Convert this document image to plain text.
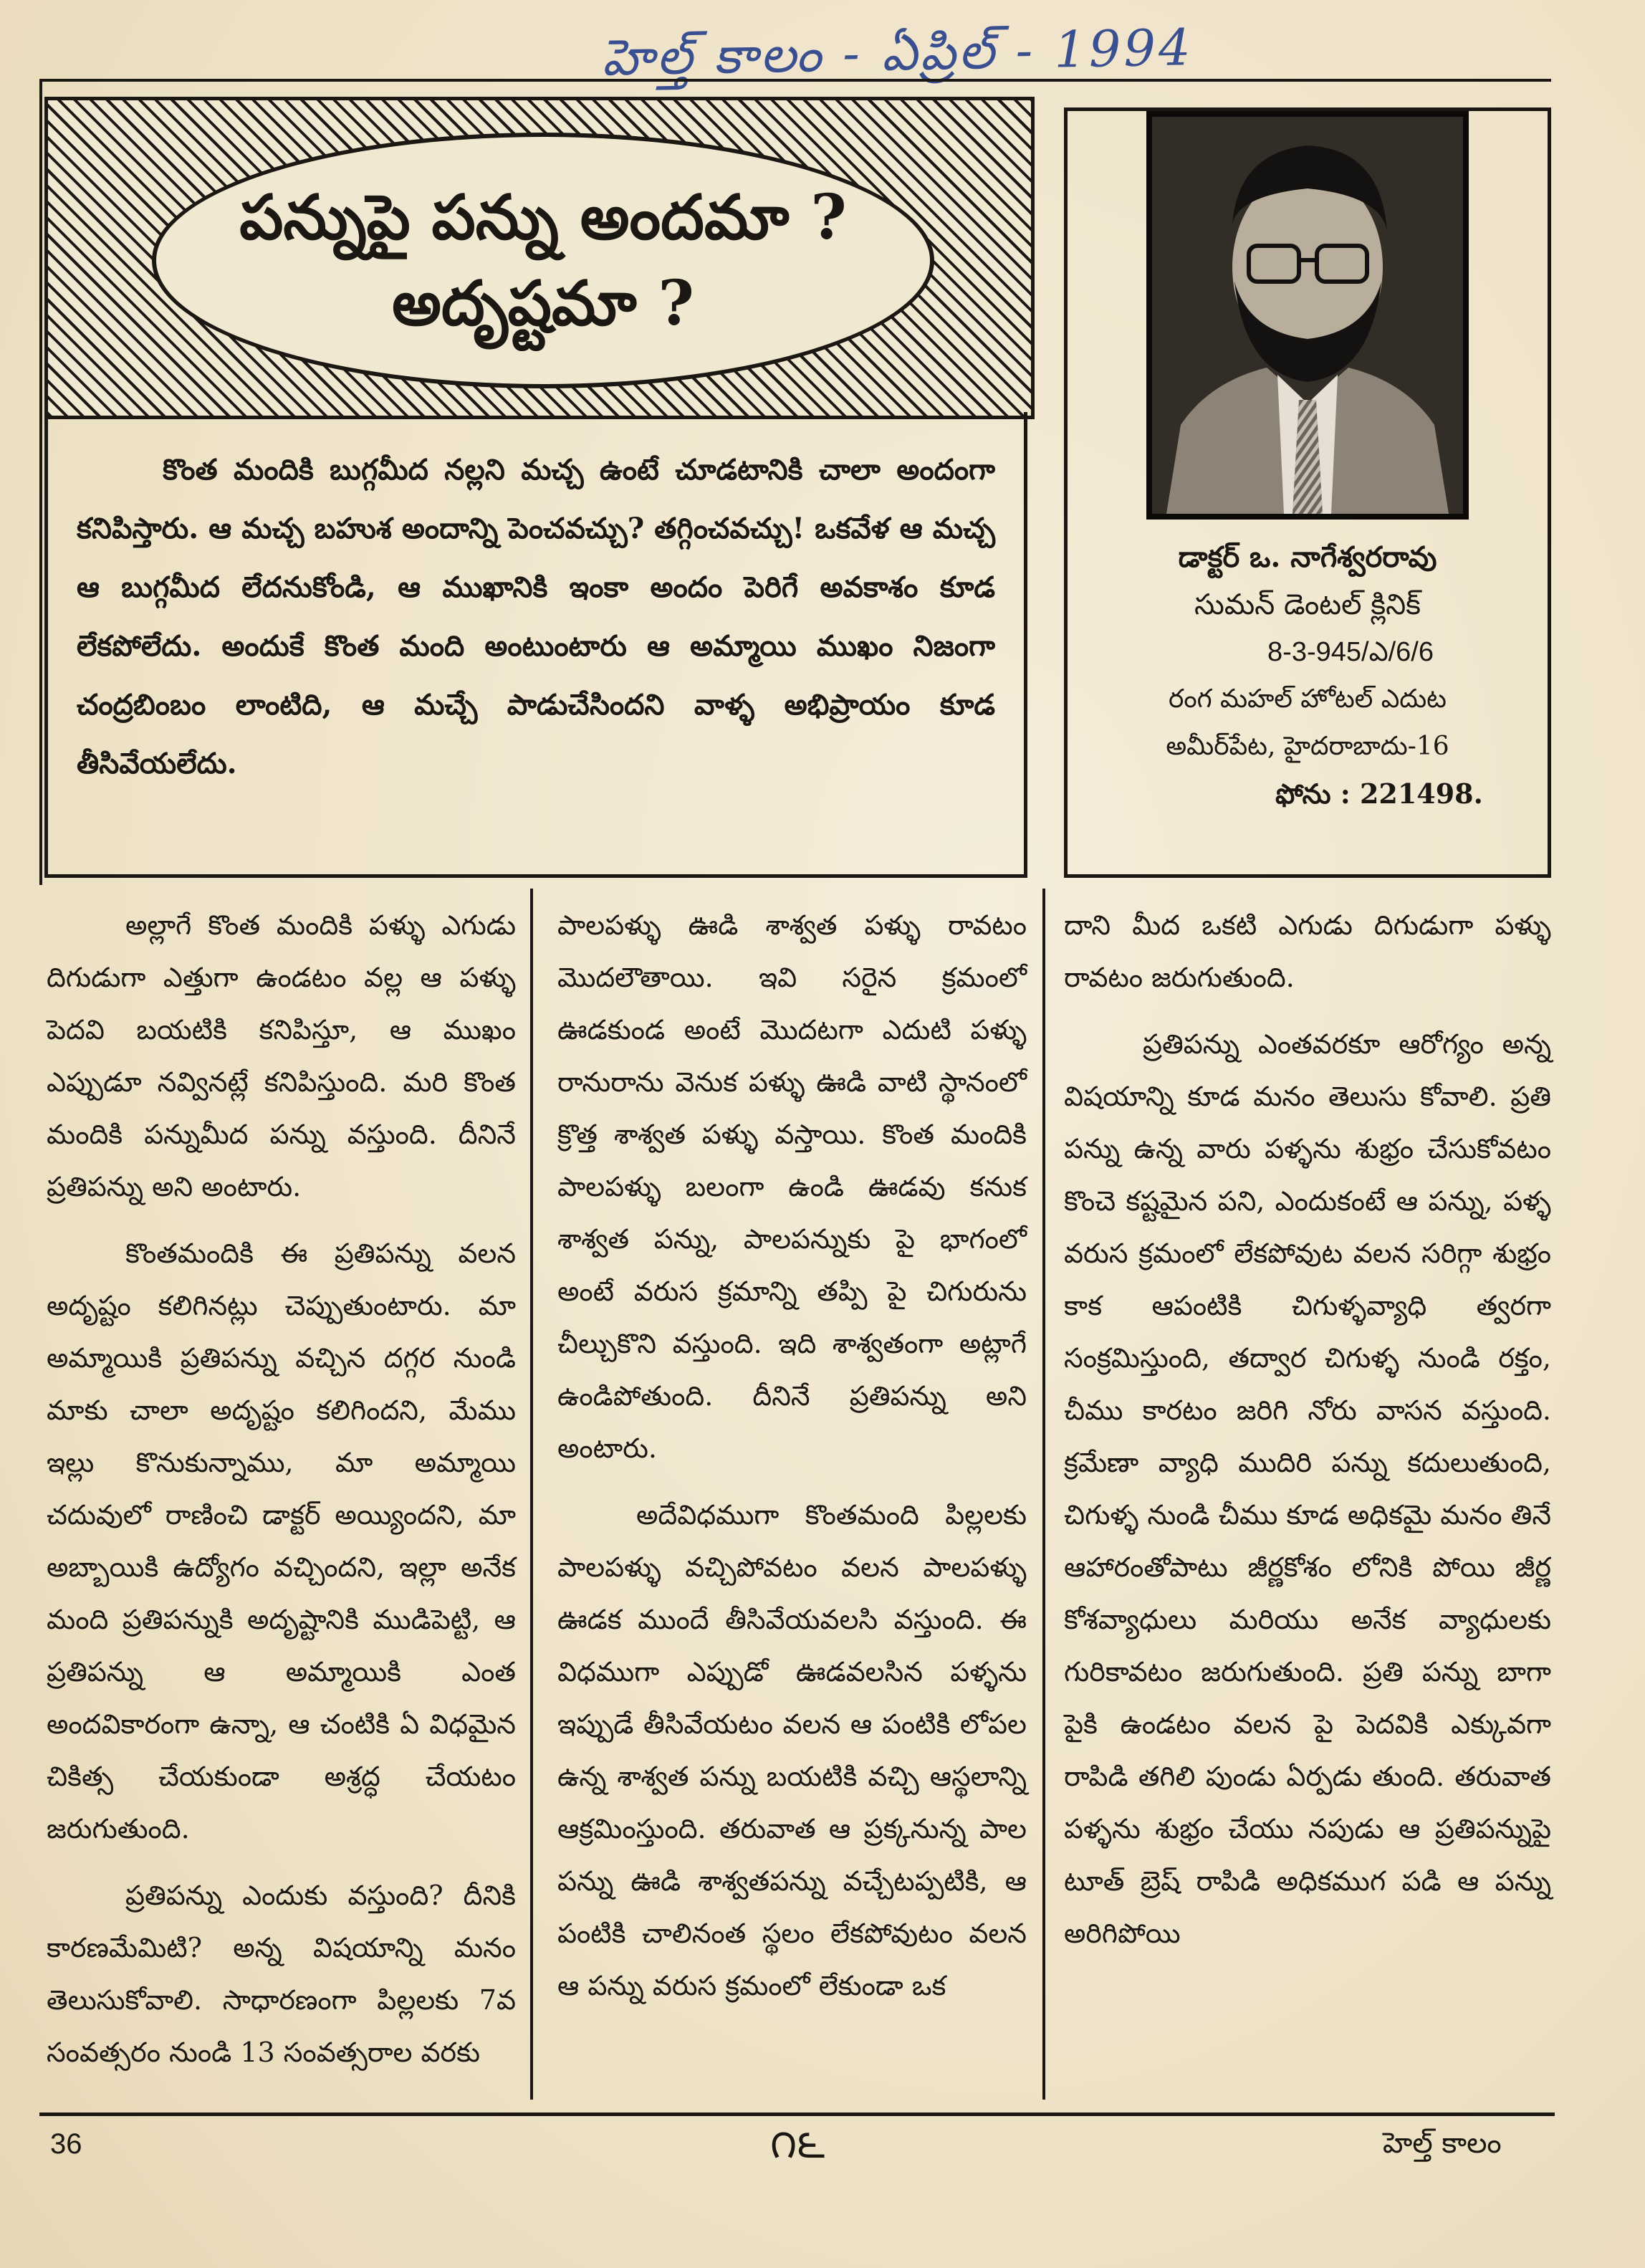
హెల్త్ కాలం - ఏప్రిల్ - 1994
పన్నుపై పన్ను అందమా ?
అదృష్టమా ?

కొంత మందికి బుగ్గమీద నల్లని మచ్చ ఉంటే చూడటానికి చాలా అందంగా కనిపిస్తారు. ఆ మచ్చ బహుశ అందాన్ని పెంచవచ్చు? తగ్గించవచ్చు! ఒకవేళ ఆ మచ్చ ఆ బుగ్గమీద లేదనుకోండి, ఆ ముఖానికి ఇంకా అందం పెరిగే అవకాశం కూడ లేకపోలేదు. అందుకే కొంత మంది అంటుంటారు ఆ అమ్మాయి ముఖం నిజంగా చంద్రబింబం లాంటిది, ఆ మచ్చే పాడుచేసిందని వాళ్ళ అభిప్రాయం కూడ తీసివేయలేదు.

డాక్టర్ ఒ. నాగేశ్వరరావు
సుమన్ డెంటల్ క్లినిక్
8-3-945/ఎ/6/6
రంగ మహల్ హోటల్ ఎదుట
అమీర్‌పేట, హైదరాబాదు-16
ఫోను : 221498.

అల్లాగే కొంత మందికి పళ్ళు ఎగుడు దిగుడుగా ఎత్తుగా ఉండటం వల్ల ఆ పళ్ళు పెదవి బయటికి కనిపిస్తూ, ఆ ముఖం ఎప్పుడూ నవ్వినట్లే కనిపిస్తుంది. మరి కొంత మందికి పన్నుమీద పన్ను వస్తుంది. దీనినే ప్రతిపన్ను అని అంటారు.

కొంతమందికి ఈ ప్రతిపన్ను వలన అదృష్టం కలిగినట్లు చెప్పుతుంటారు. మా అమ్మాయికి ప్రతిపన్ను వచ్చిన దగ్గర నుండి మాకు చాలా అదృష్టం కలిగిందని, మేము ఇల్లు కొనుకున్నాము, మా అమ్మాయి చదువులో రాణించి డాక్టర్ అయ్యిందని, మా అబ్బాయికి ఉద్యోగం వచ్చిందని, ఇల్లా అనేక మంది ప్రతిపన్నుకి అదృష్టానికి ముడిపెట్టి, ఆ ప్రతిపన్ను ఆ అమ్మాయికి ఎంత అందవికారంగా ఉన్నా, ఆ చంటికి ఏ విధమైన చికిత్స చేయకుండా అశ్రద్ధ చేయటం జరుగుతుంది.

ప్రతిపన్ను ఎందుకు వస్తుంది? దీనికి కారణమేమిటి? అన్న విషయాన్ని మనం తెలుసుకోవాలి. సాధారణంగా పిల్లలకు 7వ సంవత్సరం నుండి 13 సంవత్సరాల వరకు

పాలపళ్ళు ఊడి శాశ్వత పళ్ళు రావటం మొదలౌతాయి. ఇవి సరైన క్రమంలో ఊడకుండ అంటే మొదటగా ఎదుటి పళ్ళు రానురాను వెనుక పళ్ళు ఊడి వాటి స్థానంలో క్రొత్త శాశ్వత పళ్ళు వస్తాయి. కొంత మందికి పాలపళ్ళు బలంగా ఉండి ఊడవు కనుక శాశ్వత పన్ను, పాలపన్నుకు పై భాగంలో అంటే వరుస క్రమాన్ని తప్పి పై చిగురును చీల్చుకొని వస్తుంది. ఇది శాశ్వతంగా అట్లాగే ఉండిపోతుంది. దీనినే ప్రతిపన్ను అని అంటారు.

అదేవిధముగా కొంతమంది పిల్లలకు పాలపళ్ళు వచ్చిపోవటం వలన పాలపళ్ళు ఊడక ముందే తీసివేయవలసి వస్తుంది. ఈ విధముగా ఎప్పుడో ఊడవలసిన పళ్ళను ఇప్పుడే తీసివేయటం వలన ఆ పంటికి లోపల ఉన్న శాశ్వత పన్ను బయటికి వచ్చి ఆస్థలాన్ని ఆక్రమింస్తుంది. తరువాత ఆ ప్రక్కనున్న పాల పన్ను ఊడి శాశ్వతపన్ను వచ్చేటప్పటికి, ఆ పంటికి చాలినంత స్థలం లేకపోవుటం వలన ఆ పన్ను వరుస క్రమంలో లేకుండా ఒక

దాని మీద ఒకటి ఎగుడు దిగుడుగా పళ్ళు రావటం జరుగుతుంది.

ప్రతిపన్ను ఎంతవరకూ ఆరోగ్యం అన్న విషయాన్ని కూడ మనం తెలుసు కోవాలి. ప్రతి పన్ను ఉన్న వారు పళ్ళను శుభ్రం చేసుకోవటం కొంచె కష్టమైన పని, ఎందుకంటే ఆ పన్ను, పళ్ళ వరుస క్రమంలో లేకపోవుట వలన సరిగ్గా శుభ్రం కాక ఆపంటికి చిగుళ్ళవ్యాధి త్వరగా సంక్రమిస్తుంది, తద్వార చిగుళ్ళ నుండి రక్తం, చీము కారటం జరిగి నోరు వాసన వస్తుంది. క్రమేణా వ్యాధి ముదిరి పన్ను కదులుతుంది, చిగుళ్ళ నుండి చీము కూడ అధికమై మనం తినే ఆహారంతోపాటు జీర్ణకోశం లోనికి పోయి జీర్ణ కోశవ్యాధులు మరియు అనేక వ్యాధులకు గురికావటం జరుగుతుంది. ప్రతి పన్ను బాగా పైకి ఉండటం వలన పై పెదవికి ఎక్కువగా రాపిడి తగిలి పుండు ఏర్పడు తుంది. తరువాత పళ్ళను శుభ్రం చేయు నపుడు ఆ ప్రతిపన్నుపై టూత్ బ్రెష్ రాపిడి అధికముగ పడి ఆ పన్ను అరిగిపోయి

36	౧౬	హెల్త్ కాలం
